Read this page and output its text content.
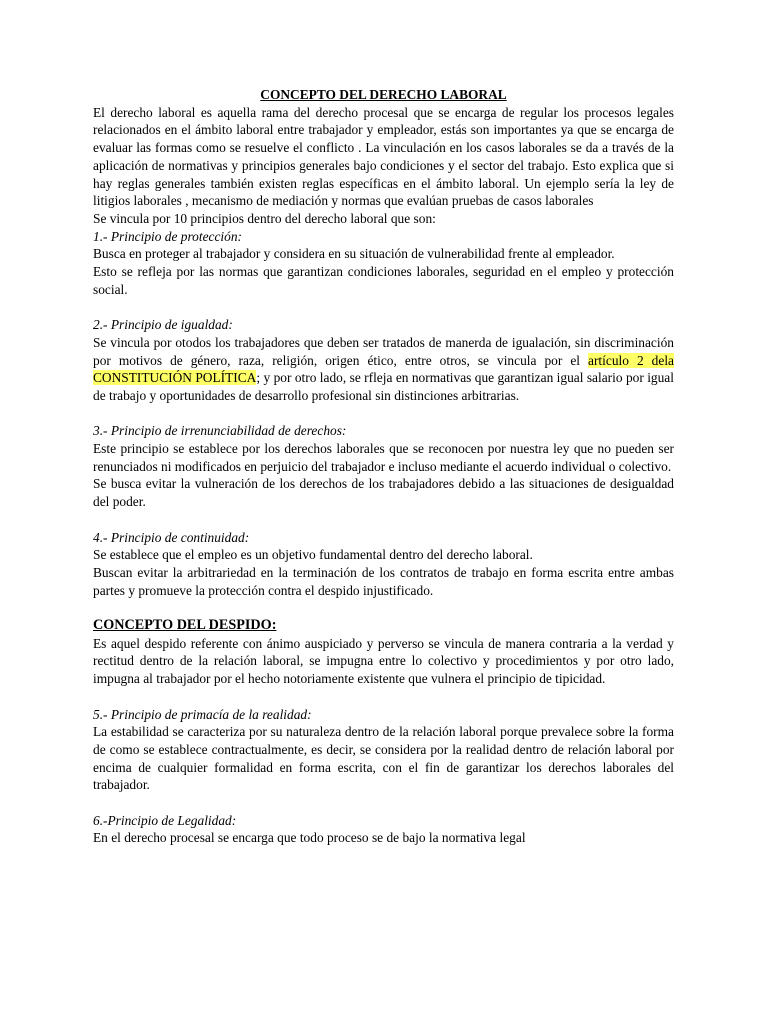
CONCEPTO DEL DERECHO LABORAL

El derecho laboral es aquella rama del derecho procesal que se encarga de regular los procesos legales relacionados en el ámbito laboral entre trabajador y empleador, estás son importantes ya que se encarga de evaluar las formas como se resuelve el conflicto . La vinculación en los casos laborales se da a través de la aplicación de normativas y principios generales bajo condiciones y el sector del trabajo. Esto explica que si hay reglas generales también existen reglas específicas en el ámbito laboral. Un ejemplo sería la ley de litigios laborales , mecanismo de mediación y normas que evalúan pruebas de casos laborales

Se vincula por 10 principios dentro del derecho laboral que son:

1.- Principio de protección:

Busca en proteger al trabajador y considera en su situación de vulnerabilidad frente al empleador.

Esto se refleja por las normas que garantizan condiciones laborales, seguridad en el empleo y protección social.

2.- Principio de igualdad:

Se vincula por otodos los trabajadores que deben ser tratados de manerda de igualación, sin discriminación por motivos de género, raza, religión, origen ético, entre otros, se vincula por el artículo 2 dela CONSTITUCIÓN POLÍTICA; y por otro lado, se rfleja en normativas que garantizan igual salario por igual de trabajo y oportunidades de desarrollo profesional sin distinciones arbitrarias.

3.- Principio de irrenunciabilidad de derechos:

Este principio se establece por los derechos laborales que se reconocen por nuestra ley que no pueden ser renunciados ni modificados en perjuicio del trabajador e incluso mediante el acuerdo individual o colectivo.

Se busca evitar la vulneración de los derechos de los trabajadores debido a las situaciones de desigualdad del poder.

4.- Principio de continuidad:

Se establece que el empleo es un objetivo fundamental dentro del derecho laboral.

Buscan evitar la arbitrariedad en la terminación de los contratos de trabajo en forma escrita entre ambas partes y promueve la protección contra el despido injustificado.

CONCEPTO DEL DESPIDO:

Es aquel despido referente con ánimo auspiciado y perverso se vincula de manera contraria a la verdad y rectitud dentro de la relación laboral, se impugna entre lo colectivo y procedimientos y por otro lado, impugna al trabajador por el hecho notoriamente existente que vulnera el principio de tipicidad.

5.- Principio de primacía de la realidad:

La estabilidad se caracteriza por su naturaleza dentro de la relación laboral porque prevalece sobre la forma de como se establece contractualmente, es decir, se considera por la realidad dentro de relación laboral por encima de cualquier formalidad en forma escrita, con el fin de garantizar los derechos laborales del trabajador.

6.-Principio de Legalidad:

En el derecho procesal se encarga que todo proceso se de bajo la normativa legal
